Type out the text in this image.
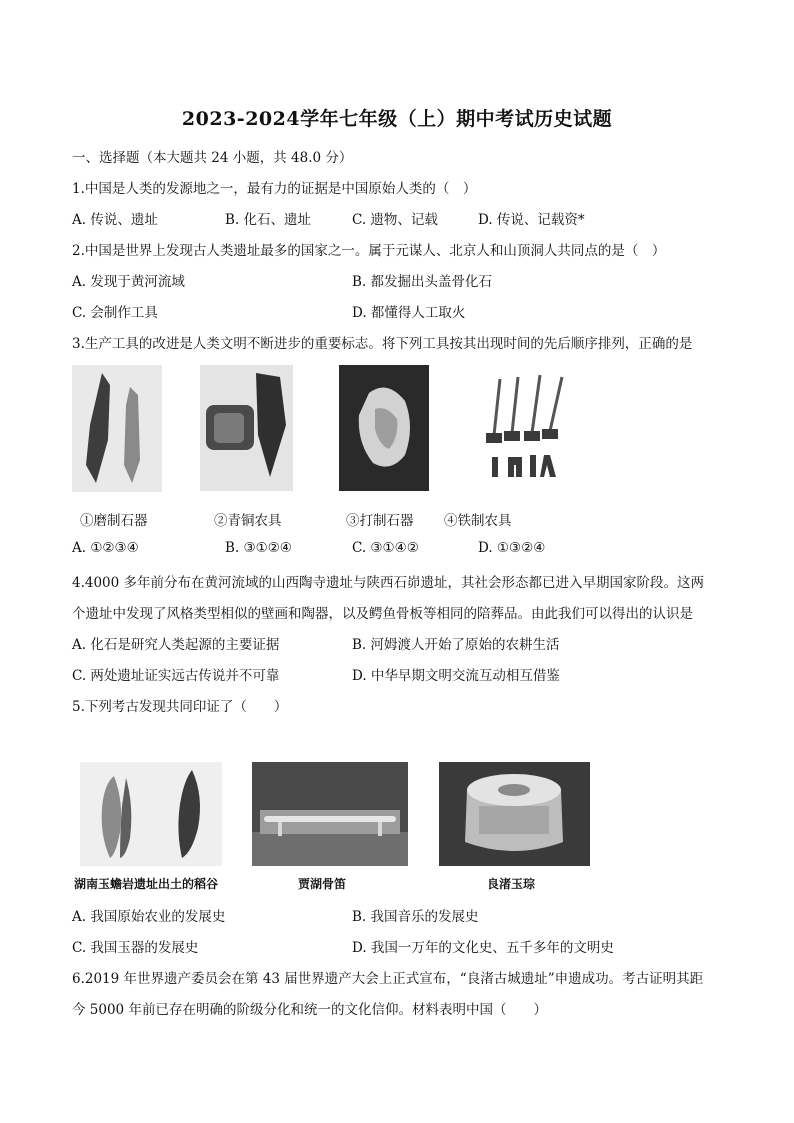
2023-2024学年七年级（上）期中考试历史试题
一、选择题（本大题共 24 小题，共 48.0 分）
1.中国是人类的发源地之一，最有力的证据是中国原始人类的（　）
A. 传说、遗址	B. 化石、遗址	C. 遗物、记载	D. 传说、记载资*
2.中国是世界上发现古人类遗址最多的国家之一。属于元谋人、北京人和山顶洞人共同点的是（　）
A. 发现于黄河流域	B. 都发掘出头盖骨化石
C. 会制作工具	D. 都懂得人工取火
3.生产工具的改进是人类文明不断进步的重要标志。将下列工具按其出现时间的先后顺序排列，正确的是
①磨制石器	②青铜农具	③打制石器 ④铁制农具
A. ①②③④	B. ③①②④	C. ③①④②	D. ①③②④
4.4000 多年前分布在黄河流域的山西陶寺遗址与陕西石峁遗址，其社会形态都已进入早期国家阶段。这两
个遗址中发现了风格类型相似的壁画和陶器，以及鳄鱼骨板等相同的陪葬品。由此我们可以得出的认识是
A. 化石是研究人类起源的主要证据	B. 河姆渡人开始了原始的农耕生活
C. 两处遗址证实远古传说并不可靠	D. 中华早期文明交流互动相互借鉴
5.下列考古发现共同印证了（　　）
湖南玉蟾岩遗址出土的稻谷	贾湖骨笛	良渚玉琮
A. 我国原始农业的发展史	B. 我国音乐的发展史
C. 我国玉器的发展史	D. 我国一万年的文化史、五千多年的文明史
6.2019 年世界遗产委员会在第 43 届世界遗产大会上正式宣布，“良渚古城遗址”申遗成功。考古证明其距
今 5000 年前已存在明确的阶级分化和统一的文化信仰。材料表明中国（　　）
